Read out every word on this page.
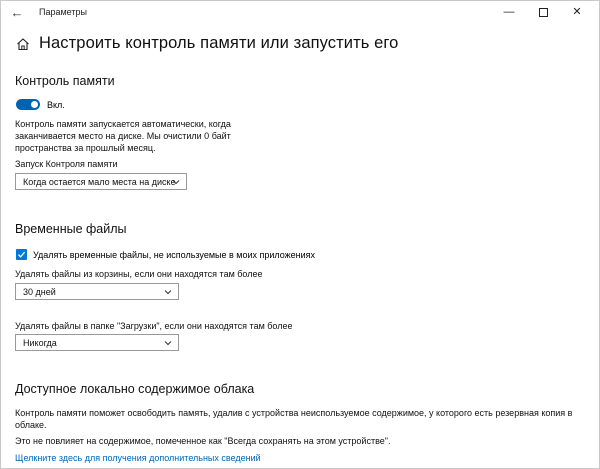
←	Параметры	—	✕
Настроить контроль памяти или запустить его
Контроль памяти
Вкл.
Контроль памяти запускается автоматически, когда
заканчивается место на диске. Мы очистили 0 байт
пространства за прошлый месяц.
Запуск Контроля памяти
Когда остается мало места на диске
Временные файлы
Удалять временные файлы, не используемые в моих приложениях
Удалять файлы из корзины, если они находятся там более
30 дней
Удалять файлы в папке "Загрузки", если они находятся там более
Никогда
Доступное локально содержимое облака
Контроль памяти поможет освободить память, удалив с устройства неиспользуемое содержимое, у которого есть резервная копия в
облаке.
Это не повлияет на содержимое, помеченное как "Всегда сохранять на этом устройстве".
Щелкните здесь для получения дополнительных сведений
